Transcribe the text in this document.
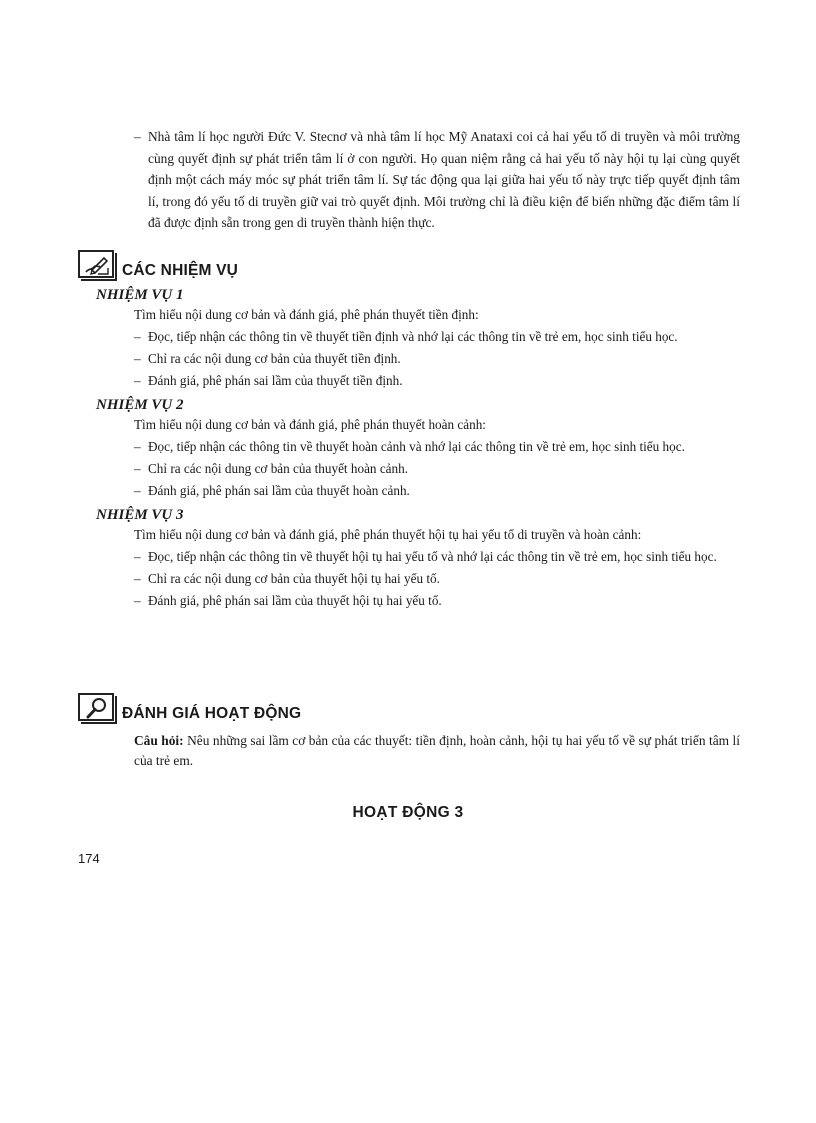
– Nhà tâm lí học người Đức V. Stecnơ và nhà tâm lí học Mỹ Anataxi coi cả hai yếu tố di truyền và môi trường cùng quyết định sự phát triển tâm lí ở con người. Họ quan niệm rằng cả hai yếu tố này hội tụ lại cùng quyết định một cách máy móc sự phát triển tâm lí. Sự tác động qua lại giữa hai yếu tố này trực tiếp quyết định tâm lí, trong đó yếu tố di truyền giữ vai trò quyết định. Môi trường chỉ là điều kiện để biến những đặc điểm tâm lí đã được định sẵn trong gen di truyền thành hiện thực.
CÁC NHIỆM VỤ

NHIỆM VỤ 1

Tìm hiểu nội dung cơ bản và đánh giá, phê phán thuyết tiền định:

– Đọc, tiếp nhận các thông tin về thuyết tiền định và nhớ lại các thông tin về trẻ em, học sinh tiểu học.
– Chỉ ra các nội dung cơ bản của thuyết tiền định.
– Đánh giá, phê phán sai lầm của thuyết tiền định.

NHIỆM VỤ 2

Tìm hiểu nội dung cơ bản và đánh giá, phê phán thuyết hoàn cảnh:

– Đọc, tiếp nhận các thông tin về thuyết hoàn cảnh và nhớ lại các thông tin về trẻ em, học sinh tiểu học.
– Chỉ ra các nội dung cơ bản của thuyết hoàn cảnh.
– Đánh giá, phê phán sai lầm của thuyết hoàn cảnh.

NHIỆM VỤ 3

Tìm hiểu nội dung cơ bản và đánh giá, phê phán thuyết hội tụ hai yếu tố di truyền và hoàn cảnh:

– Đọc, tiếp nhận các thông tin về thuyết hội tụ hai yếu tố và nhớ lại các thông tin về trẻ em, học sinh tiểu học.
– Chỉ ra các nội dung cơ bản của thuyết hội tụ hai yếu tố.
– Đánh giá, phê phán sai lầm của thuyết hội tụ hai yếu tố.
ĐÁNH GIÁ HOẠT ĐỘNG
Câu hỏi: Nêu những sai lầm cơ bản của các thuyết: tiền định, hoàn cảnh, hội tụ hai yếu tố về sự phát triển tâm lí của trẻ em.
HOẠT ĐỘNG 3
174
